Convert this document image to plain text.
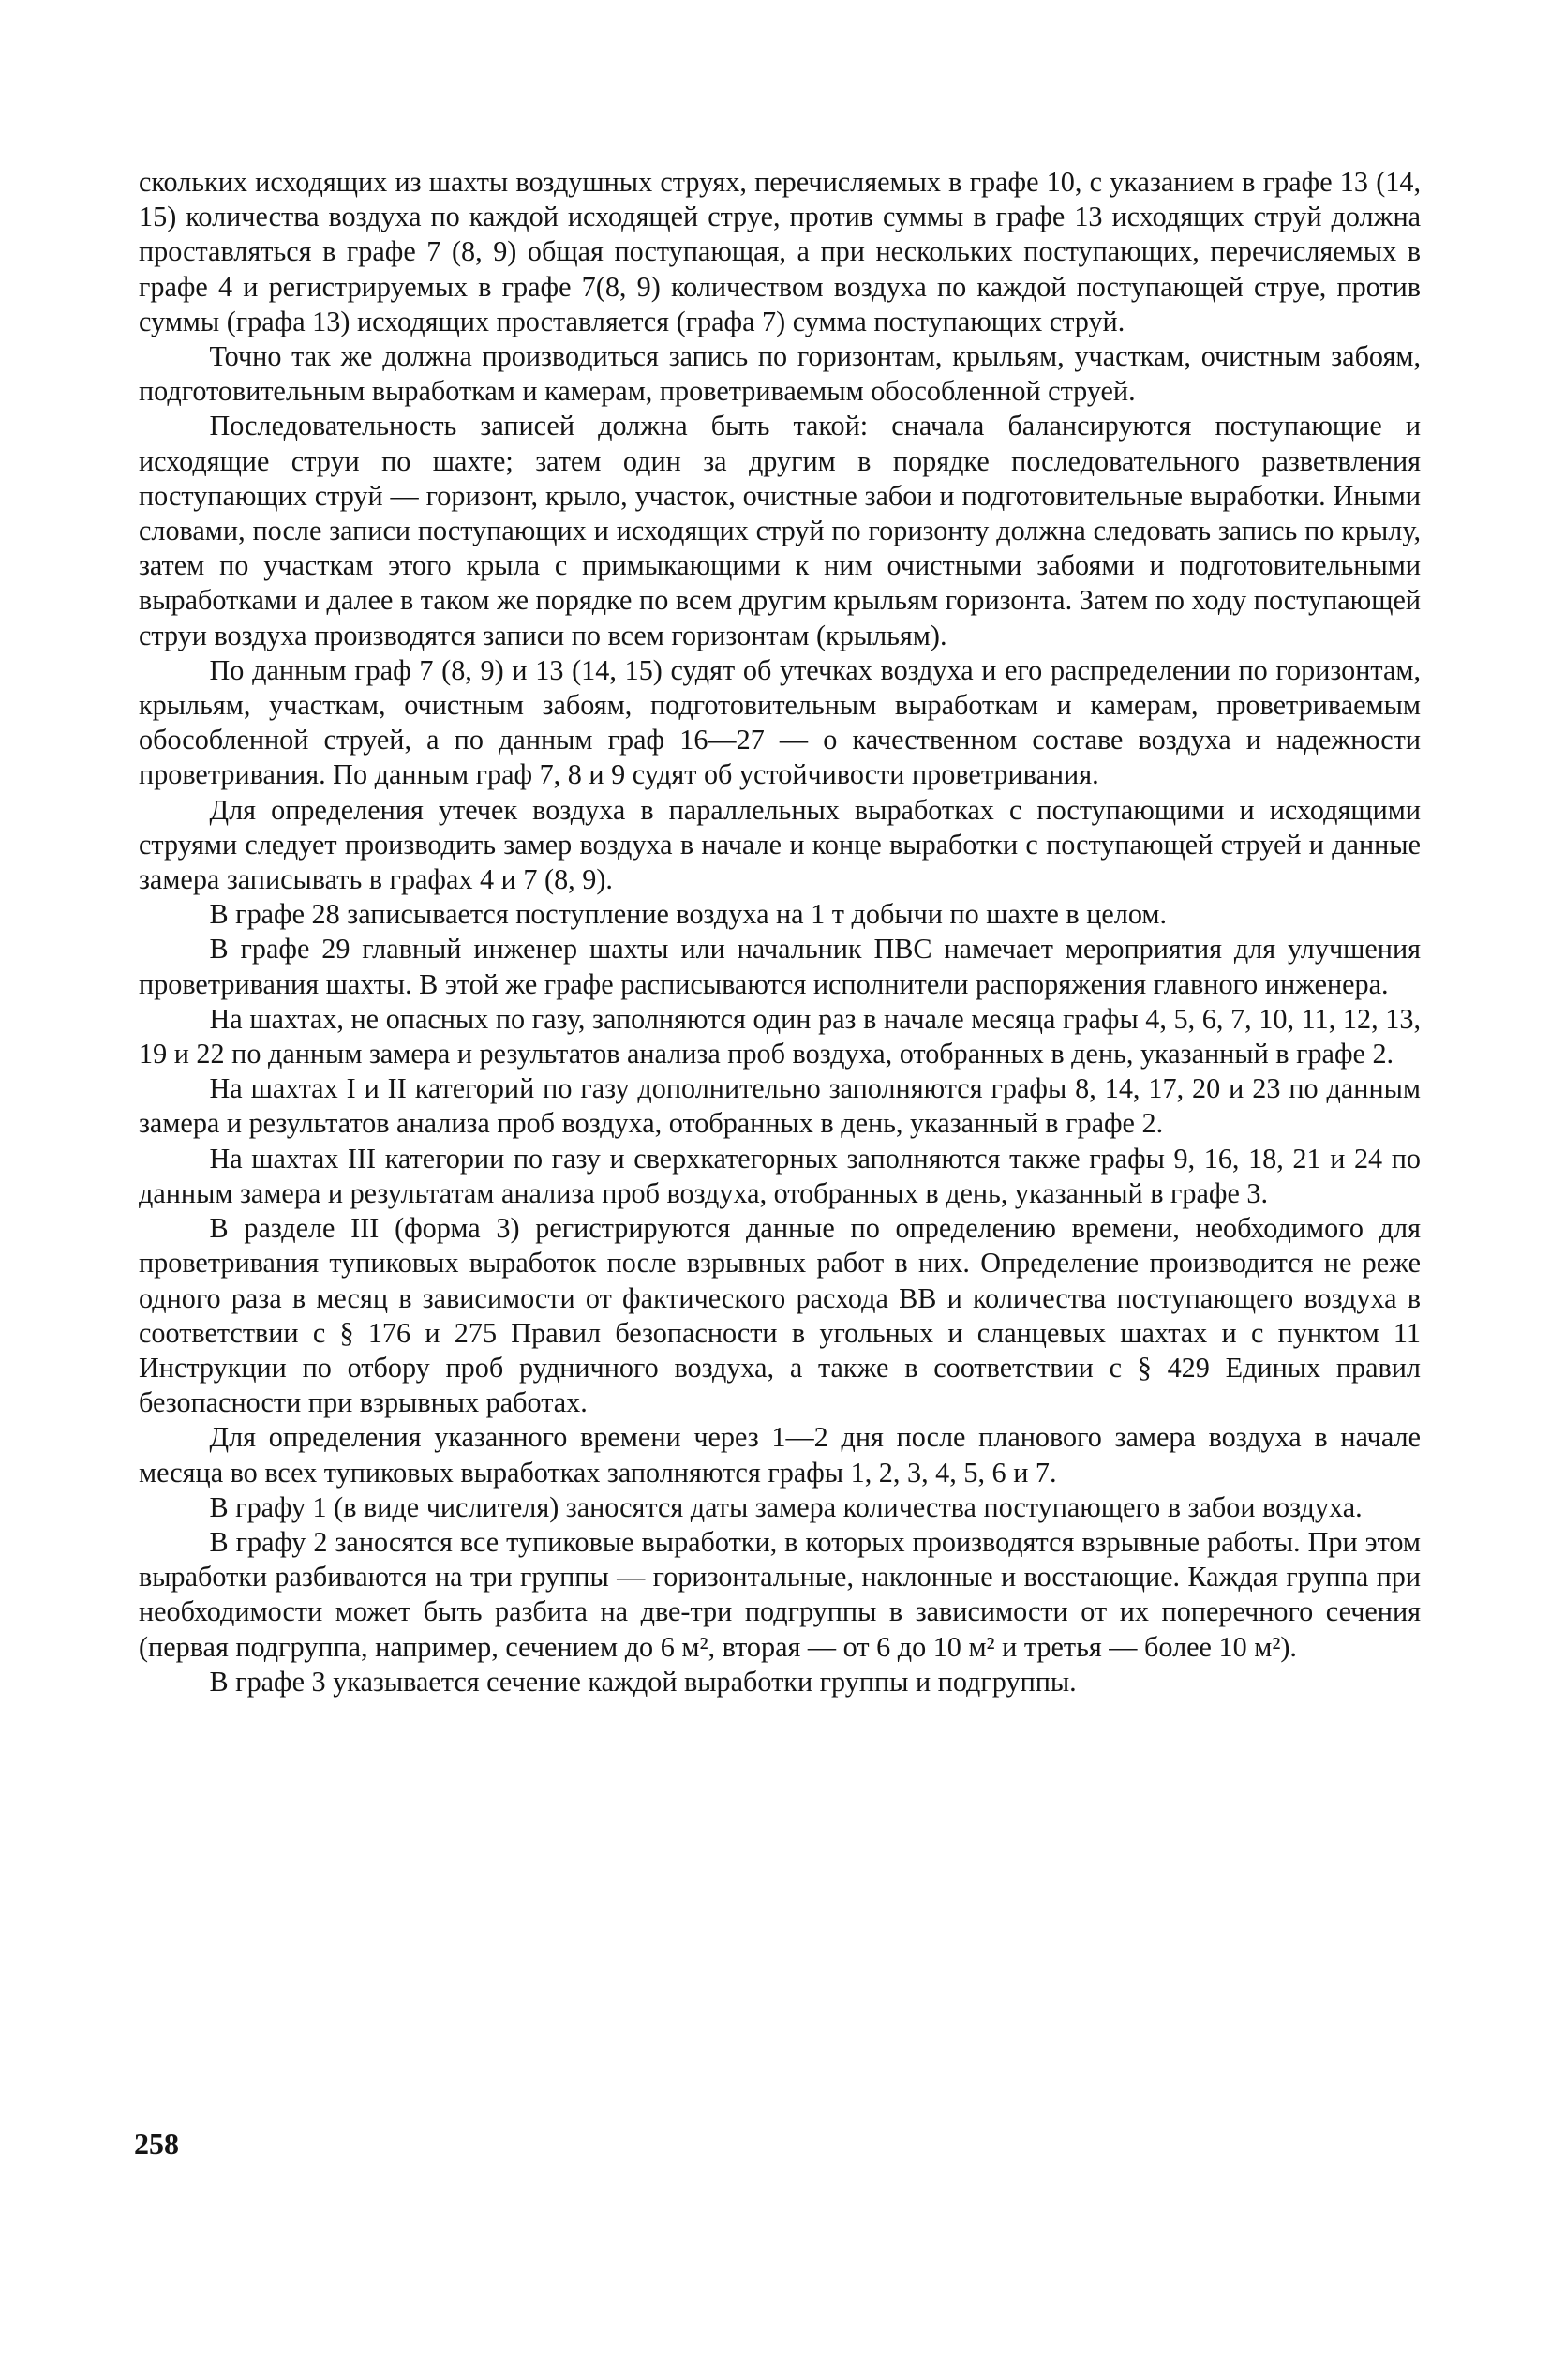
скольких исходящих из шахты воздушных струях, перечисляемых в графе 10, с указанием в графе 13 (14, 15) количества воздуха по каждой исходящей струе, против суммы в графе 13 исходящих струй должна проставляться в графе 7 (8, 9) общая поступающая, а при нескольких поступающих, перечисляемых в графе 4 и регистрируемых в графе 7(8, 9) количеством воздуха по каждой поступающей струе, против суммы (графа 13) исходящих проставляется (графа 7) сумма поступающих струй.

Точно так же должна производиться запись по горизонтам, крыльям, участкам, очистным забоям, подготовительным выработкам и камерам, проветриваемым обособленной струей.

Последовательность записей должна быть такой: сначала балансируются поступающие и исходящие струи по шахте; затем один за другим в порядке последовательного разветвления поступающих струй — горизонт, крыло, участок, очистные забои и подготовительные выработки. Иными словами, после записи поступающих и исходящих струй по горизонту должна следовать запись по крылу, затем по участкам этого крыла с примыкающими к ним очистными забоями и подготовительными выработками и далее в таком же порядке по всем другим крыльям горизонта. Затем по ходу поступающей струи воздуха производятся записи по всем горизонтам (крыльям).

По данным граф 7 (8, 9) и 13 (14, 15) судят об утечках воздуха и его распределении по горизонтам, крыльям, участкам, очистным забоям, подготовительным выработкам и камерам, проветриваемым обособленной струей, а по данным граф 16—27 — о качественном составе воздуха и надежности проветривания. По данным граф 7, 8 и 9 судят об устойчивости проветривания.

Для определения утечек воздуха в параллельных выработках с поступающими и исходящими струями следует производить замер воздуха в начале и конце выработки с поступающей струей и данные замера записывать в графах 4 и 7 (8, 9).

В графе 28 записывается поступление воздуха на 1 т добычи по шахте в целом.

В графе 29 главный инженер шахты или начальник ПВС намечает мероприятия для улучшения проветривания шахты. В этой же графе расписываются исполнители распоряжения главного инженера.

На шахтах, не опасных по газу, заполняются один раз в начале месяца графы 4, 5, 6, 7, 10, 11, 12, 13, 19 и 22 по данным замера и результатов анализа проб воздуха, отобранных в день, указанный в графе 2.

На шахтах I и II категорий по газу дополнительно заполняются графы 8, 14, 17, 20 и 23 по данным замера и результатов анализа проб воздуха, отобранных в день, указанный в графе 2.

На шахтах III категории по газу и сверхкатегорных заполняются также графы 9, 16, 18, 21 и 24 по данным замера и результатам анализа проб воздуха, отобранных в день, указанный в графе 3.

В разделе III (форма 3) регистрируются данные по определению времени, необходимого для проветривания тупиковых выработок после взрывных работ в них. Определение производится не реже одного раза в месяц в зависимости от фактического расхода ВВ и количества поступающего воздуха в соответствии с § 176 и 275 Правил безопасности в угольных и сланцевых шахтах и с пунктом 11 Инструкции по отбору проб рудничного воздуха, а также в соответствии с § 429 Единых правил безопасности при взрывных работах.

Для определения указанного времени через 1—2 дня после планового замера воздуха в начале месяца во всех тупиковых выработках заполняются графы 1, 2, 3, 4, 5, 6 и 7.

В графу 1 (в виде числителя) заносятся даты замера количества поступающего в забои воздуха.

В графу 2 заносятся все тупиковые выработки, в которых производятся взрывные работы. При этом выработки разбиваются на три группы — горизонтальные, наклонные и восстающие. Каждая группа при необходимости может быть разбита на две-три подгруппы в зависимости от их поперечного сечения (первая подгруппа, например, сечением до 6 м², вторая — от 6 до 10 м² и третья — более 10 м²).

В графе 3 указывается сечение каждой выработки группы и подгруппы.

258
